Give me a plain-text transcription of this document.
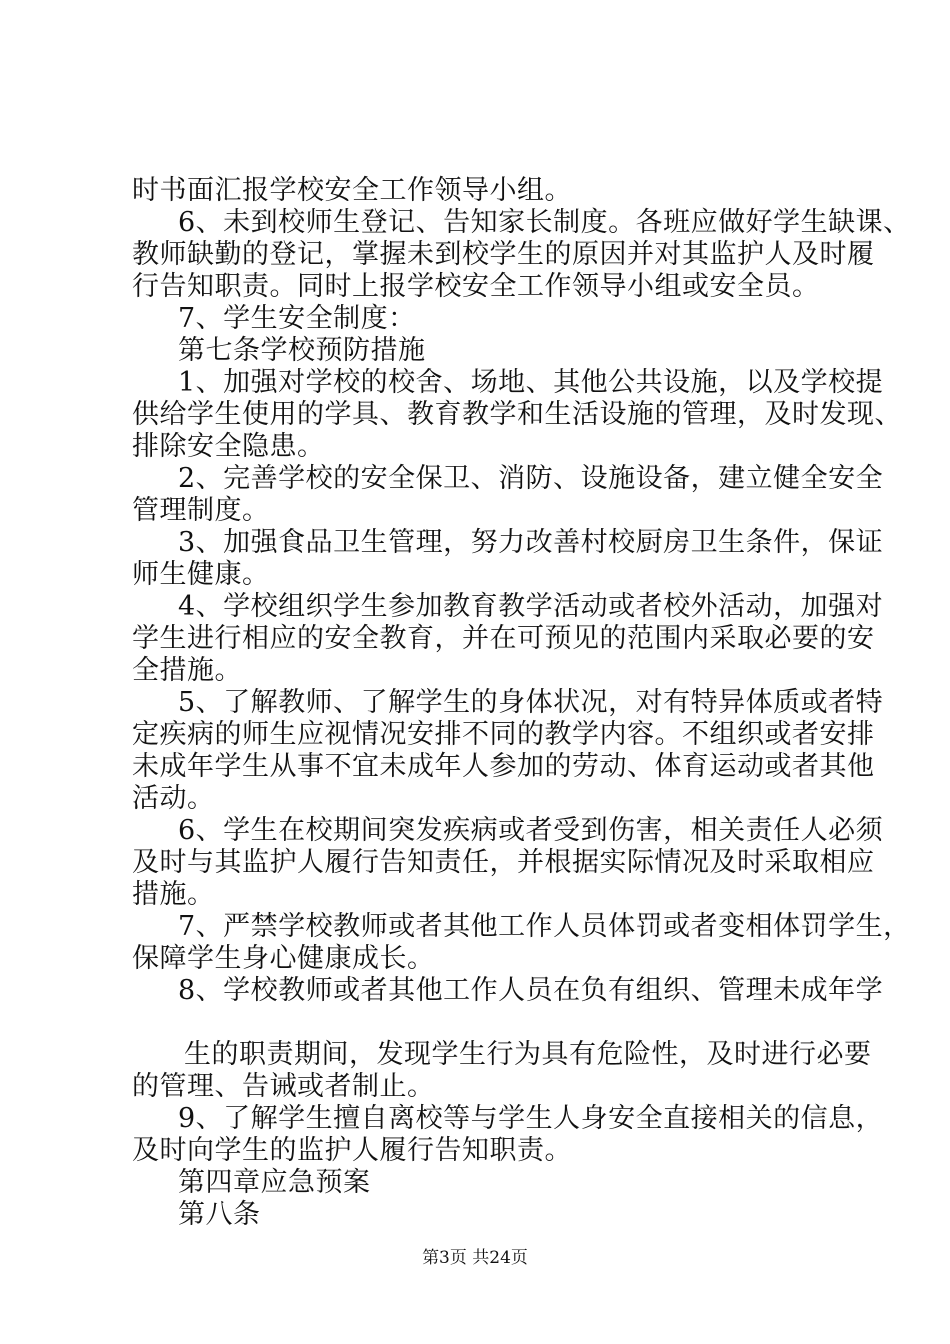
时书面汇报学校安全工作领导小组。
6、未到校师生登记、告知家长制度。各班应做好学生缺课、
教师缺勤的登记，掌握未到校学生的原因并对其监护人及时履
行告知职责。同时上报学校安全工作领导小组或安全员。
7、学生安全制度：
第七条学校预防措施
1、加强对学校的校舍、场地、其他公共设施，以及学校提
供给学生使用的学具、教育教学和生活设施的管理，及时发现、
排除安全隐患。
2、完善学校的安全保卫、消防、设施设备，建立健全安全
管理制度。
3、加强食品卫生管理，努力改善村校厨房卫生条件，保证
师生健康。
4、学校组织学生参加教育教学活动或者校外活动，加强对
学生进行相应的安全教育，并在可预见的范围内采取必要的安
全措施。
5、了解教师、了解学生的身体状况，对有特异体质或者特
定疾病的师生应视情况安排不同的教学内容。不组织或者安排
未成年学生从事不宜未成年人参加的劳动、体育运动或者其他
活动。
6、学生在校期间突发疾病或者受到伤害，相关责任人必须
及时与其监护人履行告知责任，并根据实际情况及时采取相应
措施。
7、严禁学校教师或者其他工作人员体罚或者变相体罚学生，
保障学生身心健康成长。
8、学校教师或者其他工作人员在负有组织、管理未成年学
生的职责期间，发现学生行为具有危险性，及时进行必要
的管理、告诫或者制止。
9、了解学生擅自离校等与学生人身安全直接相关的信息，
及时向学生的监护人履行告知职责。
第四章应急预案
第八条
第3页 共24页
